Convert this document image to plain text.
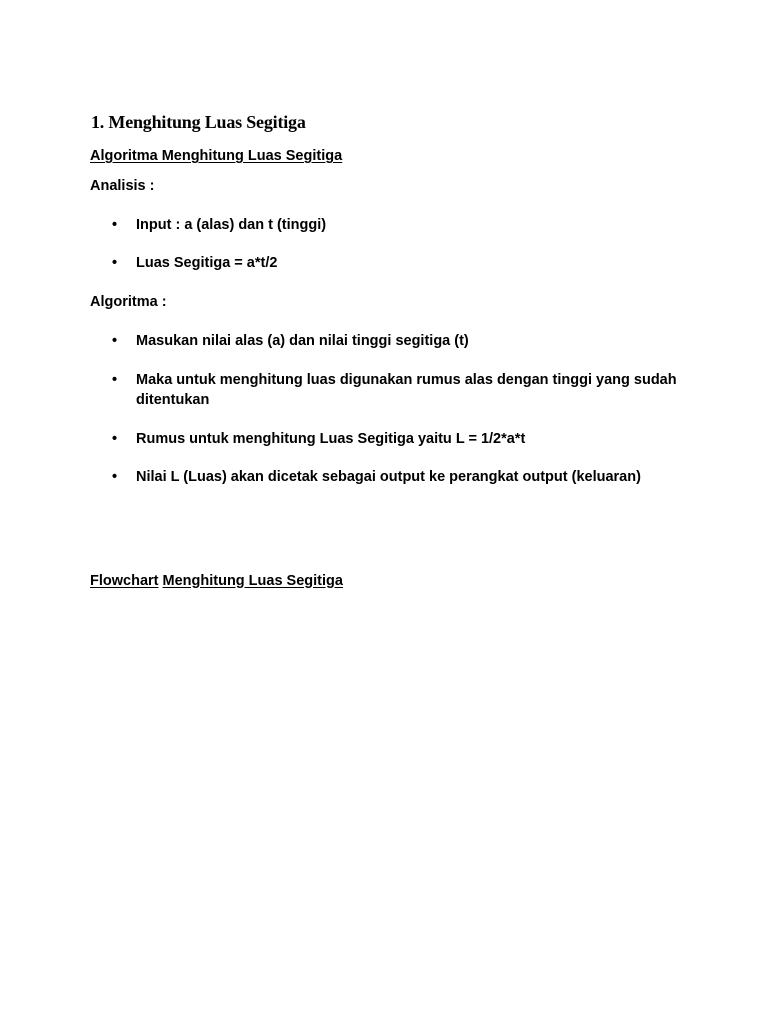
1. Menghitung Luas Segitiga

Algoritma Menghitung Luas Segitiga

Analisis :

•	Input : a (alas) dan t (tinggi)
•	Luas Segitiga = a*t/2

Algoritma :

•	Masukan nilai alas (a) dan nilai tinggi segitiga (t)
•	Maka untuk menghitung luas digunakan rumus alas dengan tinggi yang sudah ditentukan
•	Rumus untuk menghitung Luas Segitiga yaitu L = 1/2*a*t
•	Nilai L (Luas) akan dicetak sebagai output ke perangkat output (keluaran)

Flowchart Menghitung Luas Segitiga
